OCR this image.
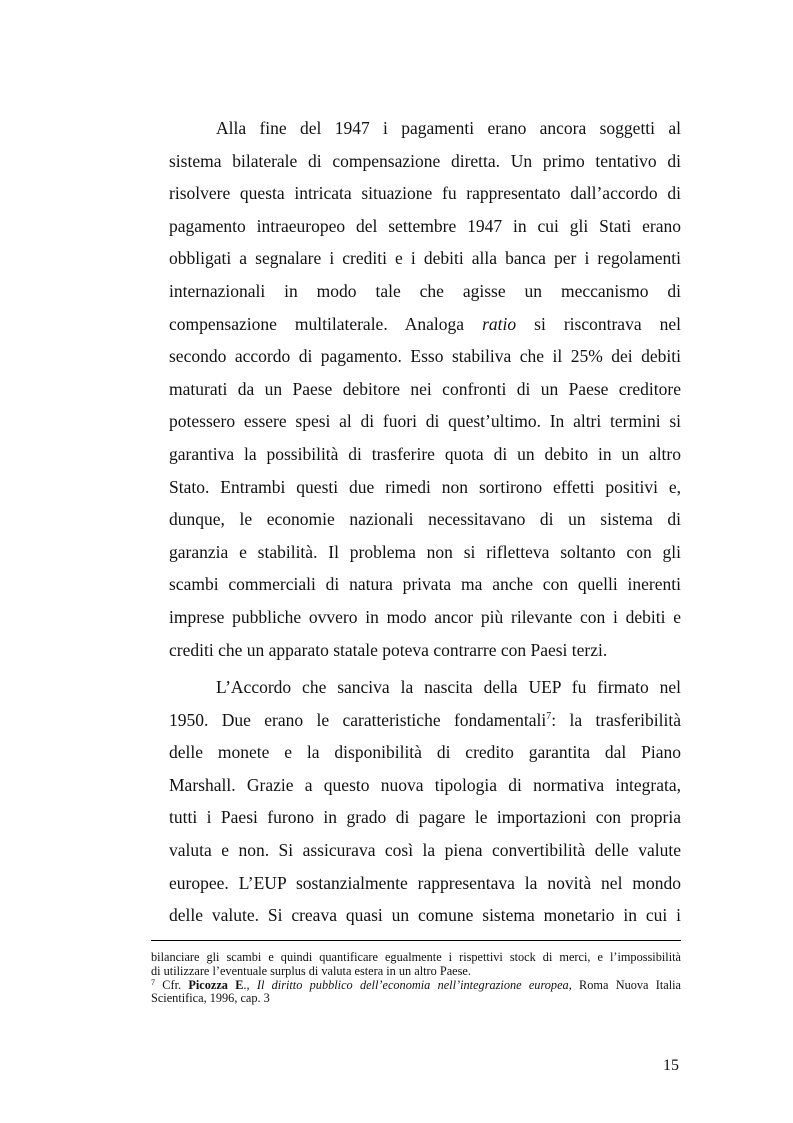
Alla fine del 1947 i pagamenti erano ancora soggetti al
sistema bilaterale di compensazione diretta. Un primo tentativo di
risolvere questa intricata situazione fu rappresentato dall’accordo di
pagamento intraeuropeo del settembre 1947 in cui gli Stati erano
obbligati a segnalare i crediti e i debiti alla banca per i regolamenti
internazionali in modo tale che agisse un meccanismo di
compensazione multilaterale. Analoga ratio si riscontrava nel
secondo accordo di pagamento. Esso stabiliva che il 25% dei debiti
maturati da un Paese debitore nei confronti di un Paese creditore
potessero essere spesi al di fuori di quest’ultimo. In altri termini si
garantiva la possibilità di trasferire quota di un debito in un altro
Stato. Entrambi questi due rimedi non sortirono effetti positivi e,
dunque, le economie nazionali necessitavano di un sistema di
garanzia e stabilità. Il problema non si rifletteva soltanto con gli
scambi commerciali di natura privata ma anche con quelli inerenti
imprese pubbliche ovvero in modo ancor più rilevante con i debiti e
crediti che un apparato statale poteva contrarre con Paesi terzi.
L’Accordo che sanciva la nascita della UEP fu firmato nel
1950. Due erano le caratteristiche fondamentali$^7$: la trasferibilità
delle monete e la disponibilità di credito garantita dal Piano
Marshall. Grazie a questo nuova tipologia di normativa integrata,
tutti i Paesi furono in grado di pagare le importazioni con propria
valuta e non. Si assicurava così la piena convertibilità delle valute
europee. L’EUP sostanzialmente rappresentava la novità nel mondo
delle valute. Si creava quasi un comune sistema monetario in cui i
bilanciare gli scambi e quindi quantificare egualmente i rispettivi stock di merci, e l’impossibilità
di utilizzare l’eventuale surplus di valuta estera in un altro Paese.
$^7$ Cfr. Picozza E., Il diritto pubblico dell’economia nell’integrazione europea, Roma Nuova Italia
Scientifica, 1996, cap. 3
15
